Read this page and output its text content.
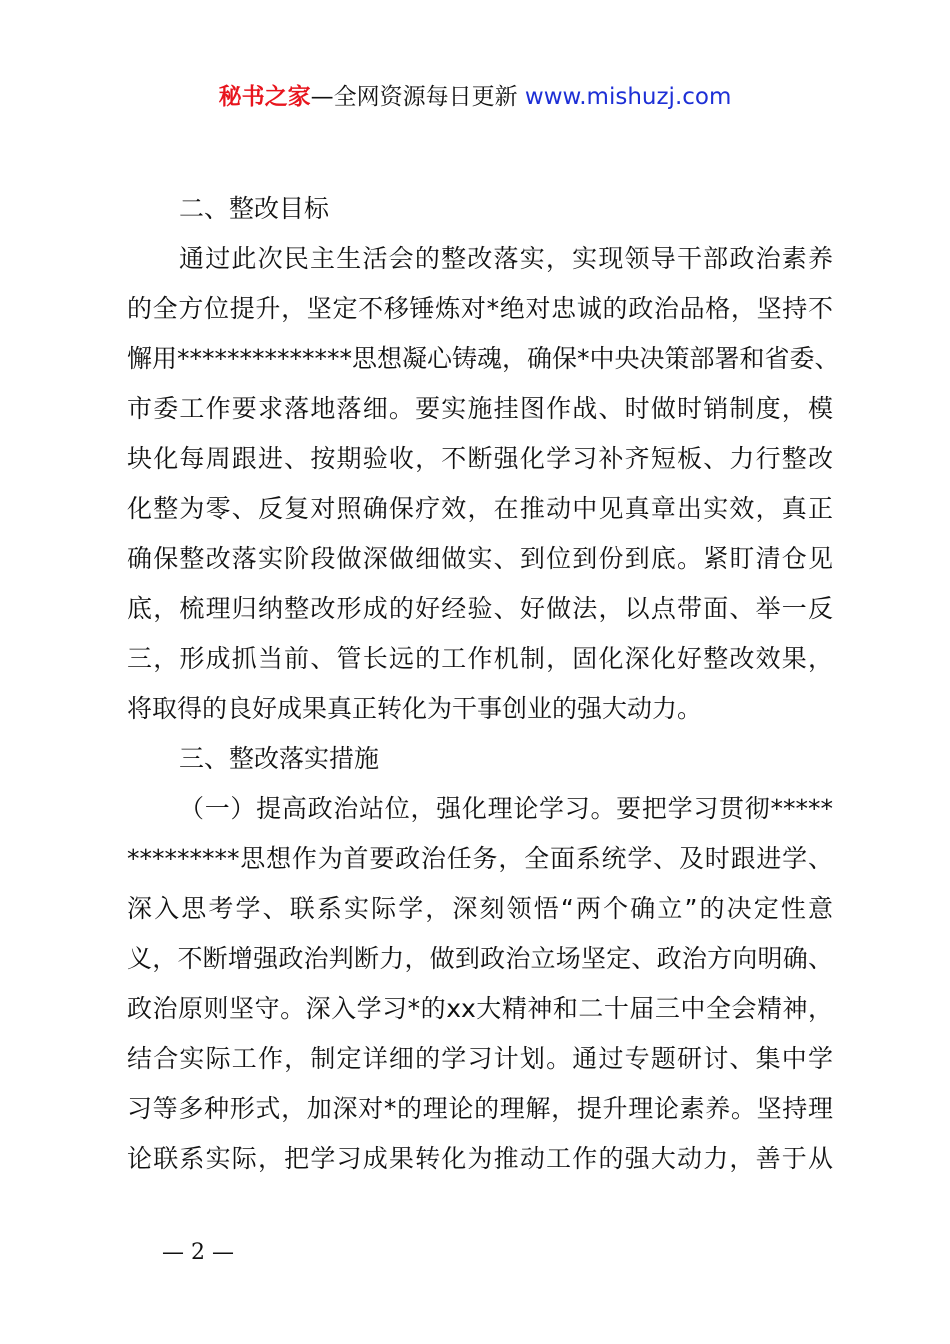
秘书之家—全网资源每日更新 www.mishuzj.com
二、整改目标
通过此次民主生活会的整改落实，实现领导干部政治素养
的全方位提升，坚定不移锤炼对*绝对忠诚的政治品格，坚持不
懈用**************思想凝心铸魂，确保*中央决策部署和省委、
市委工作要求落地落细。要实施挂图作战、时做时销制度，模
块化每周跟进、按期验收，不断强化学习补齐短板、力行整改
化整为零、反复对照确保疗效，在推动中见真章出实效，真正
确保整改落实阶段做深做细做实、到位到份到底。紧盯清仓见
底，梳理归纳整改形成的好经验、好做法，以点带面、举一反
三，形成抓当前、管长远的工作机制，固化深化好整改效果，
将取得的良好成果真正转化为干事创业的强大动力。
三、整改落实措施
（一）提高政治站位，强化理论学习。要把学习贯彻*****
*********思想作为首要政治任务，全面系统学、及时跟进学、
深入思考学、联系实际学，深刻领悟“两个确立”的决定性意
义，不断增强政治判断力，做到政治立场坚定、政治方向明确、
政治原则坚守。深入学习*的xx大精神和二十届三中全会精神，
结合实际工作，制定详细的学习计划。通过专题研讨、集中学
习等多种形式，加深对*的理论的理解，提升理论素养。坚持理
论联系实际，把学习成果转化为推动工作的强大动力，善于从
— 2 —
